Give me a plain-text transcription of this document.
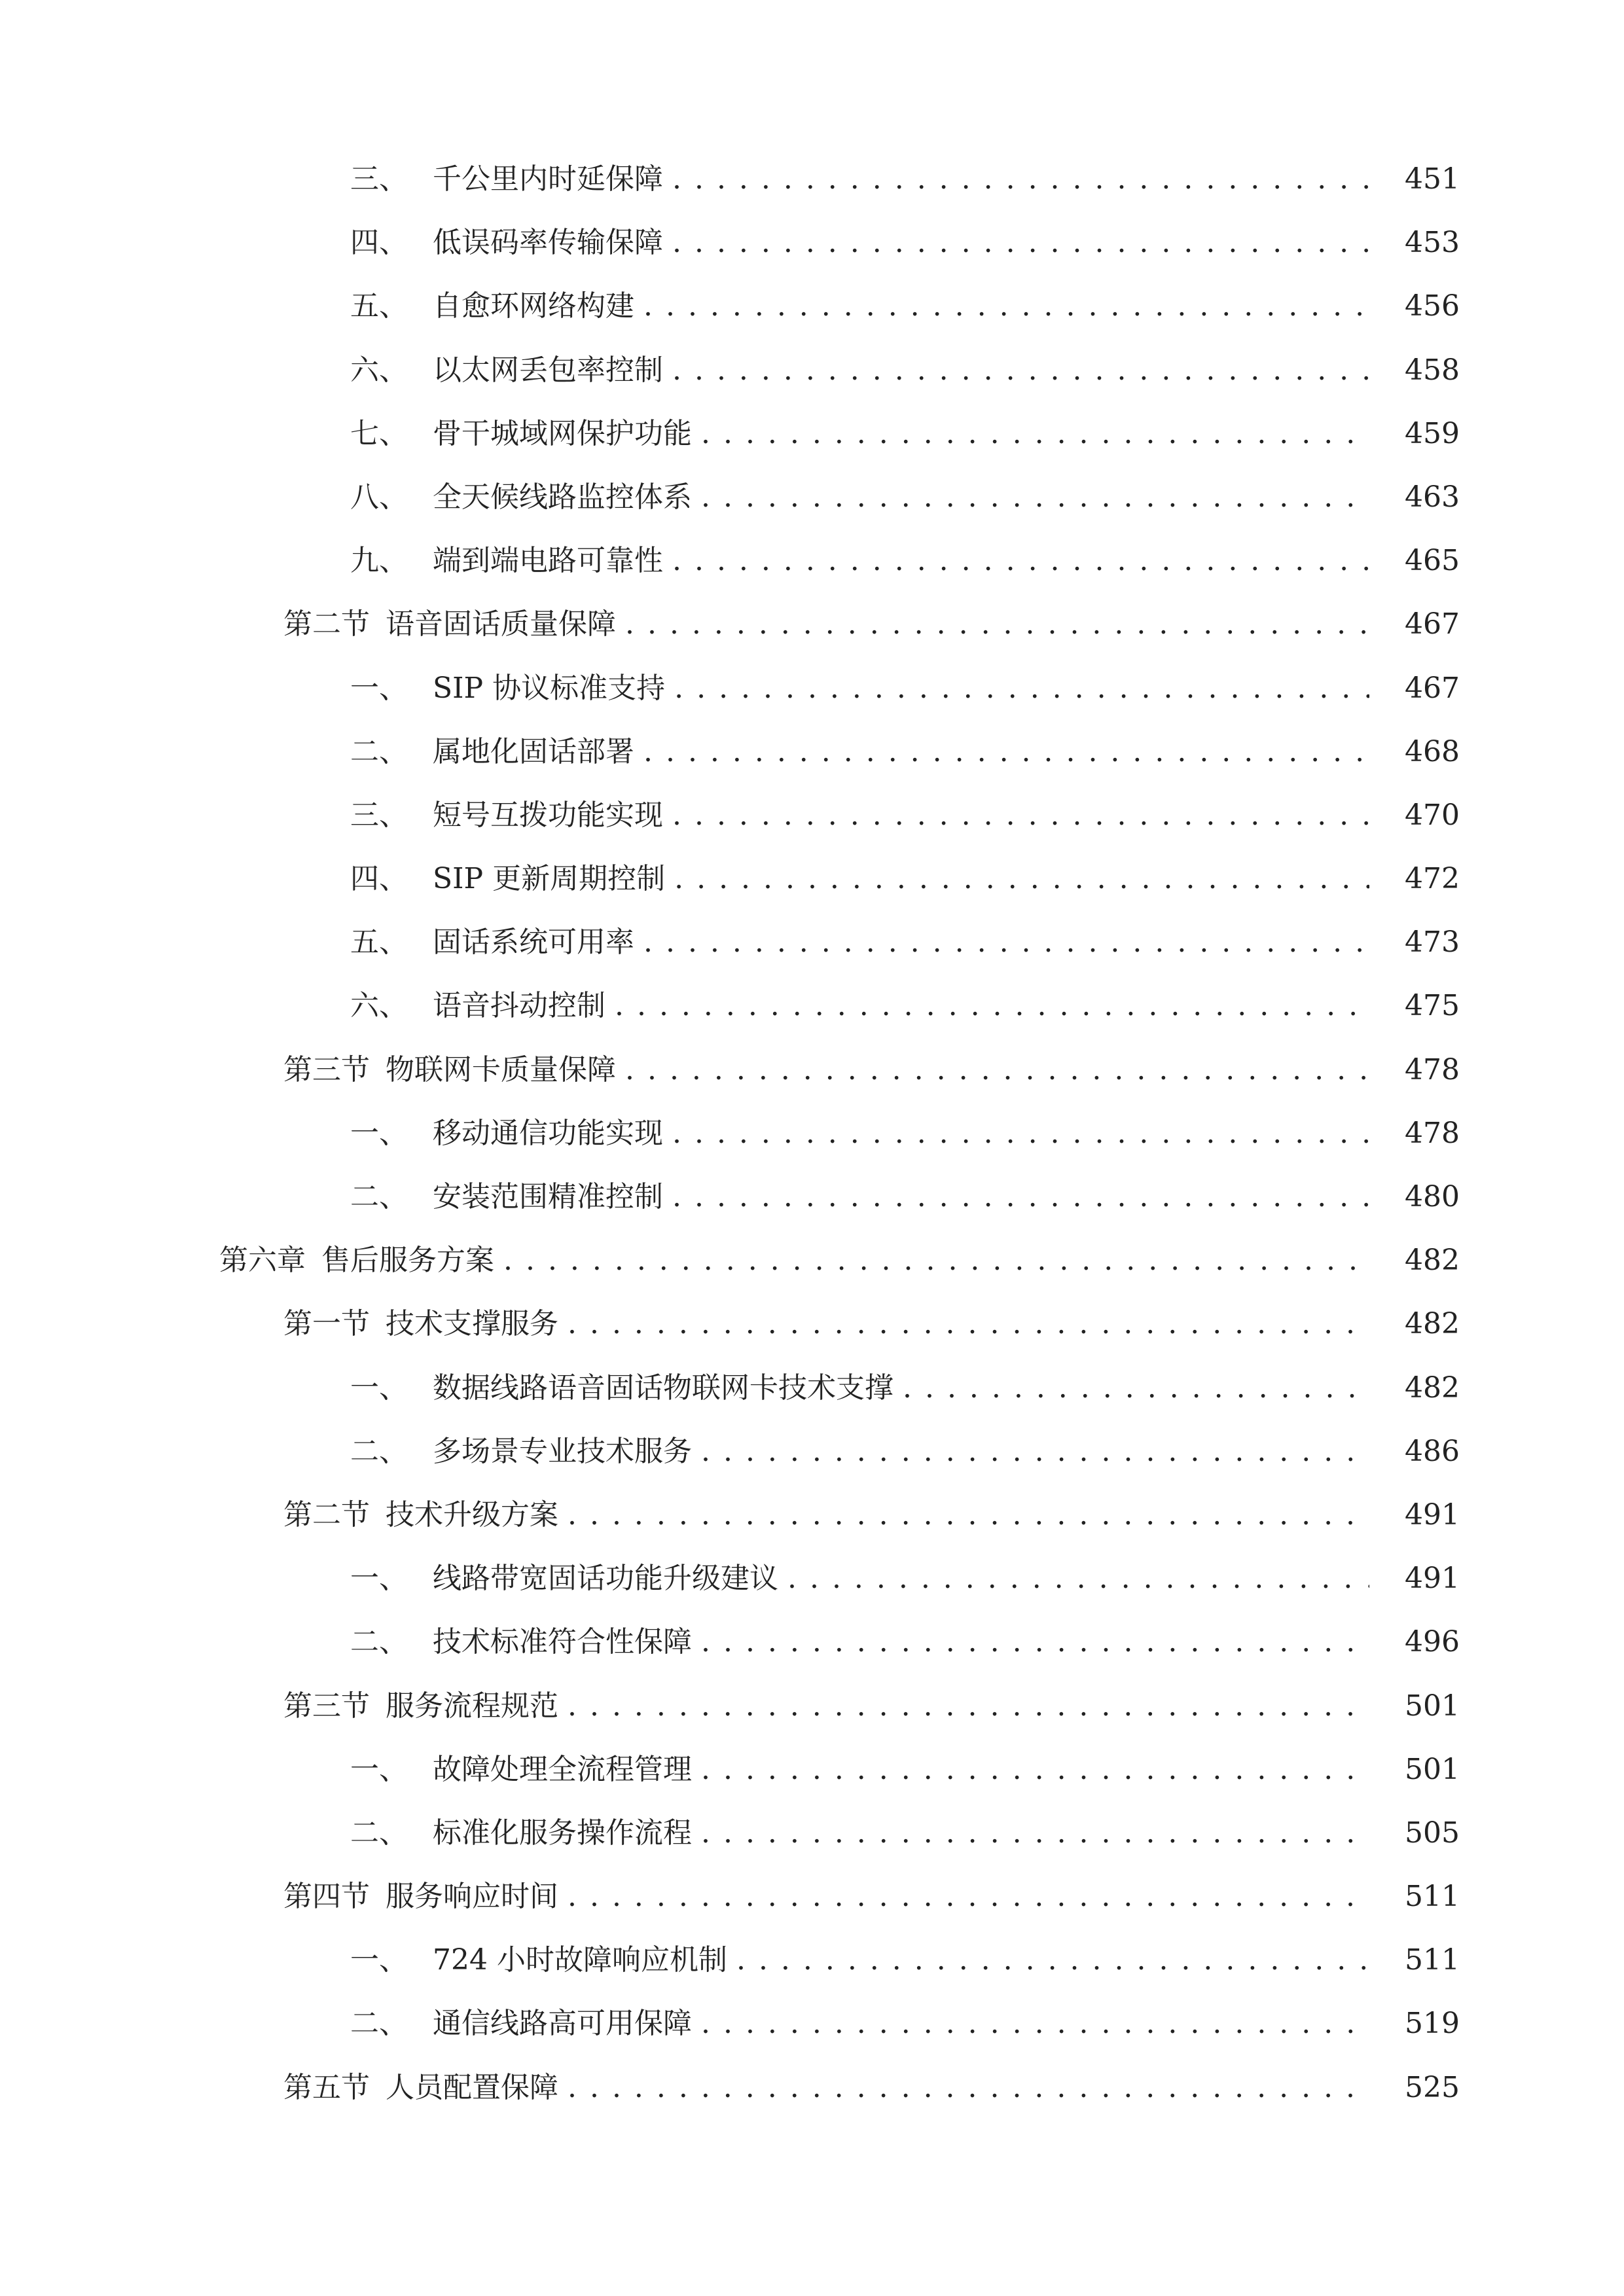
三、 千公里内时延保障 . . .	451
四、 低误码率传输保障 . . .	453
五、 自愈环网络构建 . . .	456
六、 以太网丢包率控制 . . .	458
七、 骨干城域网保护功能 . . .	459
八、 全天候线路监控体系 . . .	463
九、 端到端电路可靠性 . . .	465
第二节 语音固话质量保障 . . .	467
一、 SIP 协议标准支持 . . .	467
二、 属地化固话部署 . . .	468
三、 短号互拨功能实现 . . .	470
四、 SIP 更新周期控制 . . .	472
五、 固话系统可用率 . . .	473
六、 语音抖动控制 . . .	475
第三节 物联网卡质量保障 . . .	478
一、 移动通信功能实现 . . .	478
二、 安装范围精准控制 . . .	480
第六章 售后服务方案 . . .	482
第一节 技术支撑服务 . . .	482
一、 数据线路语音固话物联网卡技术支撑 . . .	482
二、 多场景专业技术服务 . . .	486
第二节 技术升级方案 . . .	491
一、 线路带宽固话功能升级建议 . . .	491
二、 技术标准符合性保障 . . .	496
第三节 服务流程规范 . . .	501
一、 故障处理全流程管理 . . .	501
二、 标准化服务操作流程 . . .	505
第四节 服务响应时间 . . .	511
一、 724 小时故障响应机制 . . .	511
二、 通信线路高可用保障 . . .	519
第五节 人员配置保障 . . .	525
